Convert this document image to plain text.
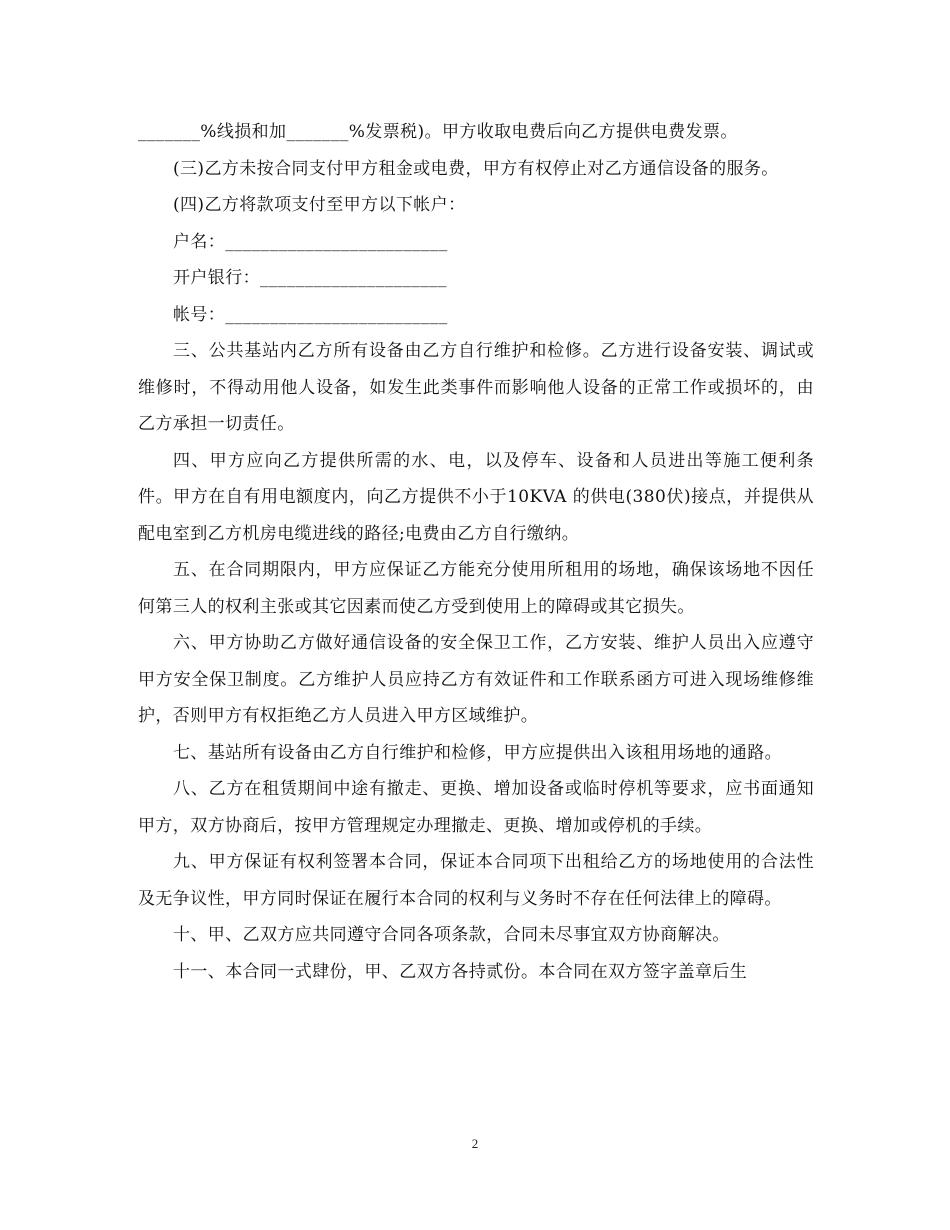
_______%线损和加_______%发票税)。甲方收取电费后向乙方提供电费发票。

(三)乙方未按合同支付甲方租金或电费，甲方有权停止对乙方通信设备的服务。

(四)乙方将款项支付至甲方以下帐户：

户名：_________________________

开户银行：_____________________

帐号：_________________________

三、公共基站内乙方所有设备由乙方自行维护和检修。乙方进行设备安装、调试或维修时，不得动用他人设备，如发生此类事件而影响他人设备的正常工作或损坏的，由乙方承担一切责任。

四、甲方应向乙方提供所需的水、电，以及停车、设备和人员进出等施工便利条件。甲方在自有用电额度内，向乙方提供不小于10KVA 的供电(380伏)接点，并提供从配电室到乙方机房电缆进线的路径;电费由乙方自行缴纳。

五、在合同期限内，甲方应保证乙方能充分使用所租用的场地，确保该场地不因任何第三人的权利主张或其它因素而使乙方受到使用上的障碍或其它损失。

六、甲方协助乙方做好通信设备的安全保卫工作，乙方安装、维护人员出入应遵守甲方安全保卫制度。乙方维护人员应持乙方有效证件和工作联系函方可进入现场维修维护，否则甲方有权拒绝乙方人员进入甲方区域维护。

七、基站所有设备由乙方自行维护和检修，甲方应提供出入该租用场地的通路。

八、乙方在租赁期间中途有撤走、更换、增加设备或临时停机等要求，应书面通知甲方，双方协商后，按甲方管理规定办理撤走、更换、增加或停机的手续。

九、甲方保证有权利签署本合同，保证本合同项下出租给乙方的场地使用的合法性及无争议性，甲方同时保证在履行本合同的权利与义务时不存在任何法律上的障碍。

十、甲、乙双方应共同遵守合同各项条款，合同未尽事宜双方协商解决。

十一、本合同一式肆份，甲、乙双方各持贰份。本合同在双方签字盖章后生

2
